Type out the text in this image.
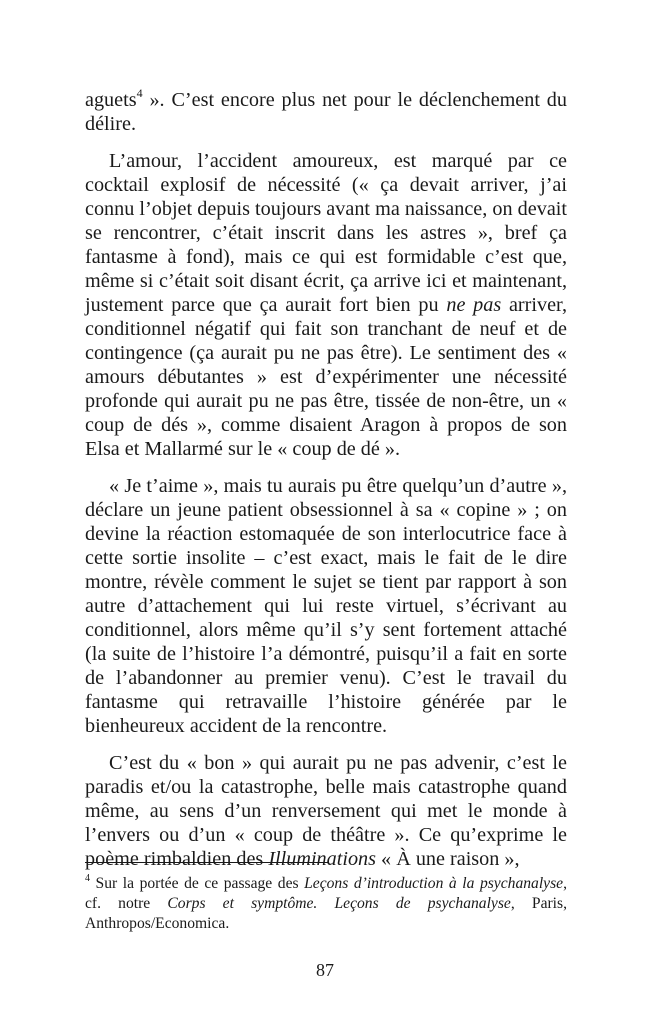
aguets$^4$ ». C’est encore plus net pour le déclenchement du délire.

L’amour, l’accident amoureux, est marqué par ce cocktail explosif de nécessité (« ça devait arriver, j’ai connu l’objet depuis toujours avant ma naissance, on devait se rencontrer, c’était inscrit dans les astres », bref ça fantasme à fond), mais ce qui est formidable c’est que, même si c’était soit disant écrit, ça arrive ici et maintenant, justement parce que ça aurait fort bien pu ne pas arriver, conditionnel négatif qui fait son tranchant de neuf et de contingence (ça aurait pu ne pas être). Le sentiment des « amours débutantes » est d’expérimenter une nécessité profonde qui aurait pu ne pas être, tissée de non-être, un « coup de dés », comme disaient Aragon à propos de son Elsa et Mallarmé sur le « coup de dé ».

« Je t’aime », mais tu aurais pu être quelqu’un d’autre », déclare un jeune patient obsessionnel à sa « copine » ; on devine la réaction estomaquée de son interlocutrice face à cette sortie insolite – c’est exact, mais le fait de le dire montre, révèle comment le sujet se tient par rapport à son autre d’attachement qui lui reste virtuel, s’écrivant au conditionnel, alors même qu’il s’y sent fortement attaché (la suite de l’histoire l’a démontré, puisqu’il a fait en sorte de l’abandonner au premier venu). C’est le travail du fantasme qui retravaille l’histoire générée par le bienheureux accident de la rencontre.

C’est du « bon » qui aurait pu ne pas advenir, c’est le paradis et/ou la catastrophe, belle mais catastrophe quand même, au sens d’un renversement qui met le monde à l’envers ou d’un « coup de théâtre ». Ce qu’exprime le poème rimbaldien des Illuminations « À une raison »,

$^4$ Sur la portée de ce passage des Leçons d’introduction à la psychanalyse, cf. notre Corps et symptôme. Leçons de psychanalyse, Paris, Anthropos/Economica.

87
